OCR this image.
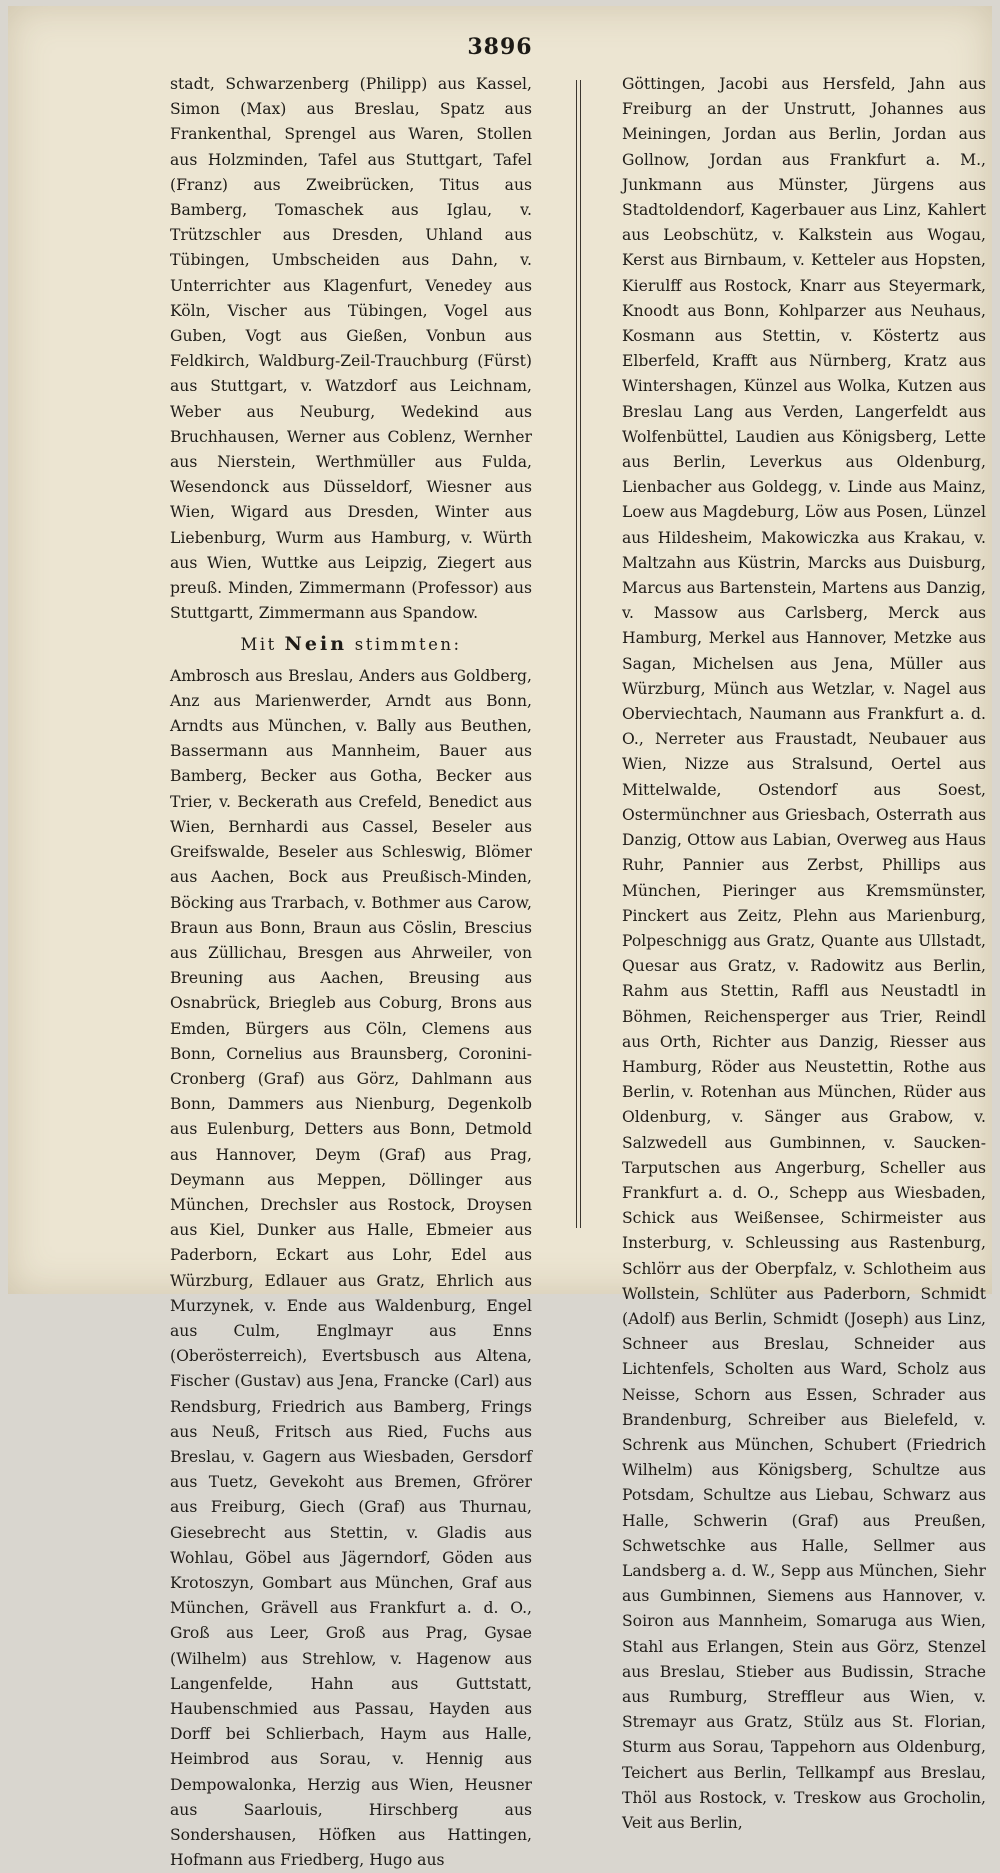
3896

stadt, Schwarzenberg (Philipp) aus Kassel, Simon (Max) aus Breslau, Spatz aus Frankenthal, Sprengel aus Waren, Stollen aus Holzminden, Tafel aus Stuttgart, Tafel (Franz) aus Zweibrücken, Titus aus Bamberg, Tomaschek aus Iglau, v. Trützschler aus Dresden, Uhland aus Tübingen, Umbscheiden aus Dahn, v. Unterrichter aus Klagenfurt, Venedey aus Köln, Vischer aus Tübingen, Vogel aus Guben, Vogt aus Gießen, Vonbun aus Feldkirch, Waldburg-Zeil-Trauchburg (Fürst) aus Stuttgart, v. Watzdorf aus Leichnam, Weber aus Neuburg, Wedekind aus Bruchhausen, Werner aus Coblenz, Wernher aus Nierstein, Werthmüller aus Fulda, Wesendonck aus Düsseldorf, Wiesner aus Wien, Wigard aus Dresden, Winter aus Liebenburg, Wurm aus Hamburg, v. Würth aus Wien, Wuttke aus Leipzig, Ziegert aus preuß. Minden, Zimmermann (Professor) aus Stuttgartt, Zimmermann aus Spandow.

Mit Nein stimmten:

Ambrosch aus Breslau, Anders aus Goldberg, Anz aus Marienwerder, Arndt aus Bonn, Arndts aus München, v. Bally aus Beuthen, Bassermann aus Mannheim, Bauer aus Bamberg, Becker aus Gotha, Becker aus Trier, v. Beckerath aus Crefeld, Benedict aus Wien, Bernhardi aus Cassel, Beseler aus Greifswalde, Beseler aus Schleswig, Blömer aus Aachen, Bock aus Preußisch-Minden, Böcking aus Trarbach, v. Bothmer aus Carow, Braun aus Bonn, Braun aus Cöslin, Brescius aus Züllichau, Bresgen aus Ahrweiler, von Breuning aus Aachen, Breusing aus Osnabrück, Briegleb aus Coburg, Brons aus Emden, Bürgers aus Cöln, Clemens aus Bonn, Cornelius aus Braunsberg, Coronini-Cronberg (Graf) aus Görz, Dahlmann aus Bonn, Dammers aus Nienburg, Degenkolb aus Eulenburg, Detters aus Bonn, Detmold aus Hannover, Deym (Graf) aus Prag, Deymann aus Meppen, Döllinger aus München, Drechsler aus Rostock, Droysen aus Kiel, Dunker aus Halle, Ebmeier aus Paderborn, Eckart aus Lohr, Edel aus Würzburg, Edlauer aus Gratz, Ehrlich aus Murzynek, v. Ende aus Waldenburg, Engel aus Culm, Englmayr aus Enns (Oberösterreich), Evertsbusch aus Altena, Fischer (Gustav) aus Jena, Francke (Carl) aus Rendsburg, Friedrich aus Bamberg, Frings aus Neuß, Fritsch aus Ried, Fuchs aus Breslau, v. Gagern aus Wiesbaden, Gersdorf aus Tuetz, Gevekoht aus Bremen, Gfrörer aus Freiburg, Giech (Graf) aus Thurnau, Giesebrecht aus Stettin, v. Gladis aus Wohlau, Göbel aus Jägerndorf, Göden aus Krotoszyn, Gombart aus München, Graf aus München, Grävell aus Frankfurt a. d. O., Groß aus Leer, Groß aus Prag, Gysae (Wilhelm) aus Strehlow, v. Hagenow aus Langenfelde, Hahn aus Guttstatt, Haubenschmied aus Passau, Hayden aus Dorff bei Schlierbach, Haym aus Halle, Heimbrod aus Sorau, v. Hennig aus Dempowalonka, Herzig aus Wien, Heusner aus Saarlouis, Hirschberg aus Sondershausen, Höfken aus Hattingen, Hofmann aus Friedberg, Hugo aus

Göttingen, Jacobi aus Hersfeld, Jahn aus Freiburg an der Unstrutt, Johannes aus Meiningen, Jordan aus Berlin, Jordan aus Gollnow, Jordan aus Frankfurt a. M., Junkmann aus Münster, Jürgens aus Stadtoldendorf, Kagerbauer aus Linz, Kahlert aus Leobschütz, v. Kalkstein aus Wogau, Kerst aus Birnbaum, v. Ketteler aus Hopsten, Kierulff aus Rostock, Knarr aus Steyermark, Knoodt aus Bonn, Kohlparzer aus Neuhaus, Kosmann aus Stettin, v. Köstertz aus Elberfeld, Krafft aus Nürnberg, Kratz aus Wintershagen, Künzel aus Wolka, Kutzen aus Breslau Lang aus Verden, Langerfeldt aus Wolfenbüttel, Laudien aus Königsberg, Lette aus Berlin, Leverkus aus Oldenburg, Lienbacher aus Goldegg, v. Linde aus Mainz, Loew aus Magdeburg, Löw aus Posen, Lünzel aus Hildesheim, Makowiczka aus Krakau, v. Maltzahn aus Küstrin, Marcks aus Duisburg, Marcus aus Bartenstein, Martens aus Danzig, v. Massow aus Carlsberg, Merck aus Hamburg, Merkel aus Hannover, Metzke aus Sagan, Michelsen aus Jena, Müller aus Würzburg, Münch aus Wetzlar, v. Nagel aus Oberviechtach, Naumann aus Frankfurt a. d. O., Nerreter aus Fraustadt, Neubauer aus Wien, Nizze aus Stralsund, Oertel aus Mittelwalde, Ostendorf aus Soest, Ostermünchner aus Griesbach, Osterrath aus Danzig, Ottow aus Labian, Overweg aus Haus Ruhr, Pannier aus Zerbst, Phillips aus München, Pieringer aus Kremsmünster, Pinckert aus Zeitz, Plehn aus Marienburg, Polpeschnigg aus Gratz, Quante aus Ullstadt, Quesar aus Gratz, v. Radowitz aus Berlin, Rahm aus Stettin, Raffl aus Neustadtl in Böhmen, Reichensperger aus Trier, Reindl aus Orth, Richter aus Danzig, Riesser aus Hamburg, Röder aus Neustettin, Rothe aus Berlin, v. Rotenhan aus München, Rüder aus Oldenburg, v. Sänger aus Grabow, v. Salzwedell aus Gumbinnen, v. Saucken-Tarputschen aus Angerburg, Scheller aus Frankfurt a. d. O., Schepp aus Wiesbaden, Schick aus Weißensee, Schirmeister aus Insterburg, v. Schleussing aus Rastenburg, Schlörr aus der Oberpfalz, v. Schlotheim aus Wollstein, Schlüter aus Paderborn, Schmidt (Adolf) aus Berlin, Schmidt (Joseph) aus Linz, Schneer aus Breslau, Schneider aus Lichtenfels, Scholten aus Ward, Scholz aus Neisse, Schorn aus Essen, Schrader aus Brandenburg, Schreiber aus Bielefeld, v. Schrenk aus München, Schubert (Friedrich Wilhelm) aus Königsberg, Schultze aus Potsdam, Schultze aus Liebau, Schwarz aus Halle, Schwerin (Graf) aus Preußen, Schwetschke aus Halle, Sellmer aus Landsberg a. d. W., Sepp aus München, Siehr aus Gumbinnen, Siemens aus Hannover, v. Soiron aus Mannheim, Somaruga aus Wien, Stahl aus Erlangen, Stein aus Görz, Stenzel aus Breslau, Stieber aus Budissin, Strache aus Rumburg, Streffleur aus Wien, v. Stremayr aus Gratz, Stülz aus St. Florian, Sturm aus Sorau, Tappehorn aus Oldenburg, Teichert aus Berlin, Tellkampf aus Breslau, Thöl aus Rostock, v. Treskow aus Grocholin, Veit aus Berlin,
